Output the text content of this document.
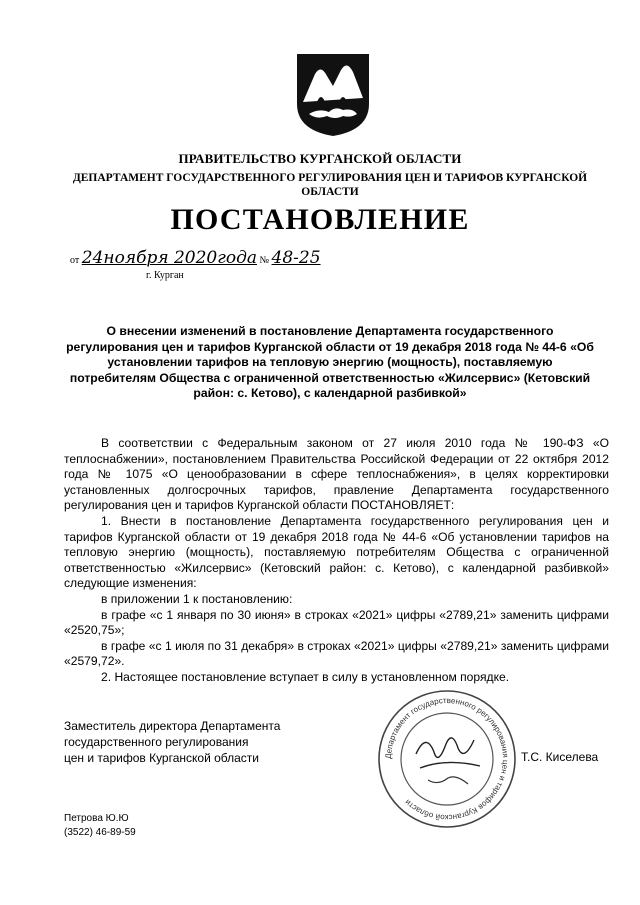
ПРАВИТЕЛЬСТВО КУРГАНСКОЙ ОБЛАСТИ
ДЕПАРТАМЕНТ ГОСУДАРСТВЕННОГО РЕГУЛИРОВАНИЯ ЦЕН И ТАРИФОВ КУРГАНСКОЙ ОБЛАСТИ
ПОСТАНОВЛЕНИЕ
от 24ноября 2020года № 48-25
г. Курган
О внесении изменений в постановление Департамента государственного регулирования цен и тарифов Курганской области от 19 декабря 2018 года № 44-6 «Об установлении тарифов на тепловую энергию (мощность), поставляемую потребителям Общества с ограниченной ответственностью «Жилсервис» (Кетовский район: с. Кетово), с календарной разбивкой»

В соответствии с Федеральным законом от 27 июля 2010 года № 190-ФЗ «О теплоснабжении», постановлением Правительства Российской Федерации от 22 октября 2012 года № 1075 «О ценообразовании в сфере теплоснабжения», в целях корректировки установленных долгосрочных тарифов, правление Департамента государственного регулирования цен и тарифов Курганской области ПОСТАНОВЛЯЕТ:

1. Внести в постановление Департамента государственного регулирования цен и тарифов Курганской области от 19 декабря 2018 года № 44-6 «Об установлении тарифов на тепловую энергию (мощность), поставляемую потребителям Общества с ограниченной ответственностью «Жилсервис» (Кетовский район: с. Кетово), с календарной разбивкой» следующие изменения:

в приложении 1 к постановлению:

в графе «с 1 января по 30 июня» в строках «2021» цифры «2789,21» заменить цифрами «2520,75»;

в графе «с 1 июля по 31 декабря» в строках «2021» цифры «2789,21» заменить цифрами «2579,72».

2. Настоящее постановление вступает в силу в установленном порядке.

Заместитель директора Департамента
государственного регулирования
цен и тарифов Курганской области	Департамент государственного регулирования цен и тарифов Курганской области
Т.С. Киселева
Петрова Ю.Ю
(3522) 46-89-59
